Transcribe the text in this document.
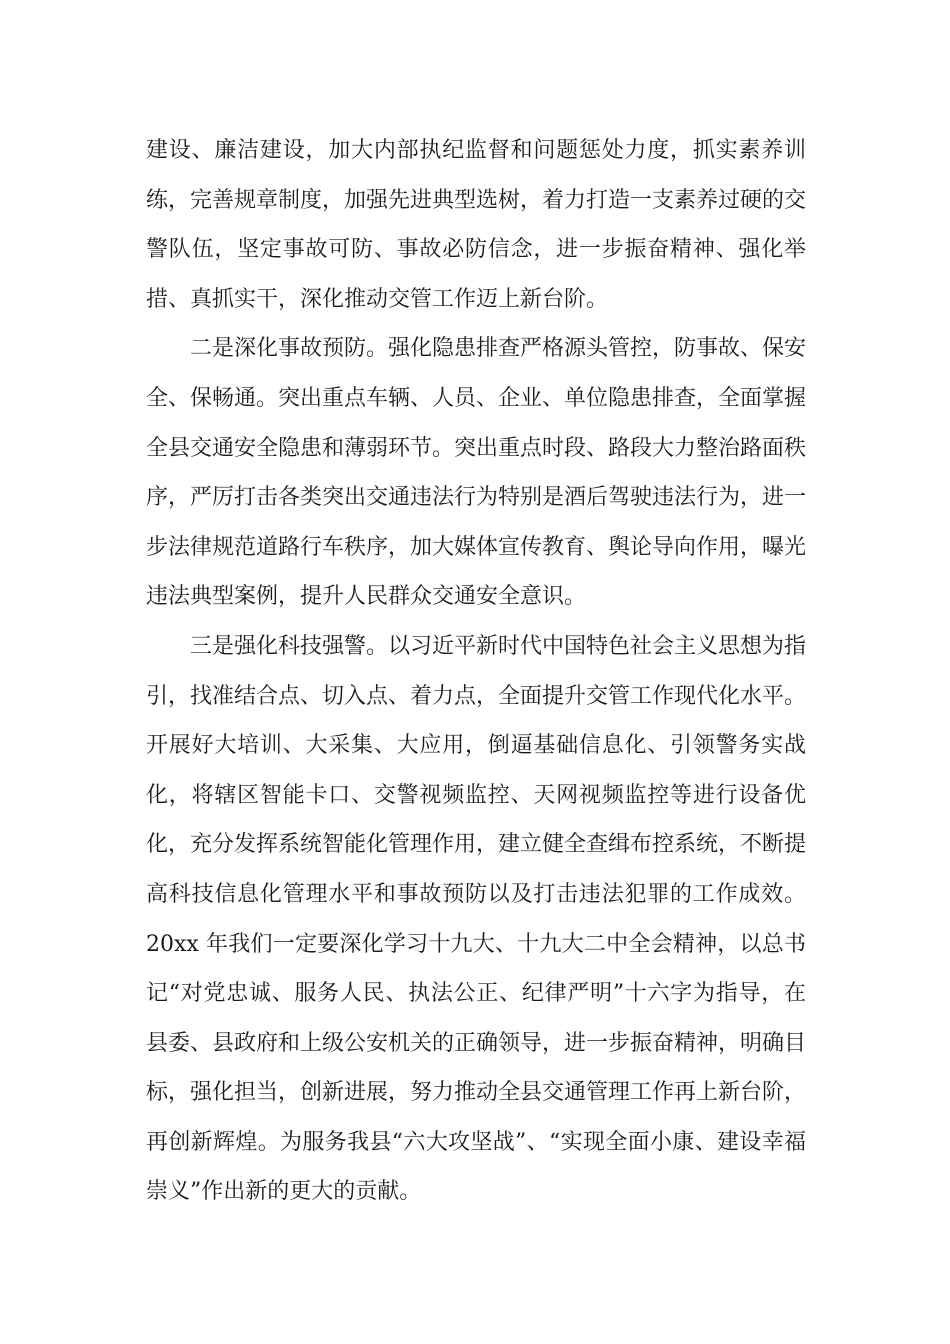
建设、廉洁建设，加大内部执纪监督和问题惩处力度，抓实素养训练，完善规章制度，加强先进典型选树，着力打造一支素养过硬的交警队伍，坚定事故可防、事故必防信念，进一步振奋精神、强化举措、真抓实干，深化推动交管工作迈上新台阶。

二是深化事故预防。强化隐患排查严格源头管控，防事故、保安全、保畅通。突出重点车辆、人员、企业、单位隐患排查，全面掌握全县交通安全隐患和薄弱环节。突出重点时段、路段大力整治路面秩序，严厉打击各类突出交通违法行为特别是酒后驾驶违法行为，进一步法律规范道路行车秩序，加大媒体宣传教育、舆论导向作用，曝光违法典型案例，提升人民群众交通安全意识。

三是强化科技强警。以习近平新时代中国特色社会主义思想为指引，找准结合点、切入点、着力点，全面提升交管工作现代化水平。开展好大培训、大采集、大应用，倒逼基础信息化、引领警务实战化，将辖区智能卡口、交警视频监控、天网视频监控等进行设备优化，充分发挥系统智能化管理作用，建立健全查缉布控系统，不断提高科技信息化管理水平和事故预防以及打击违法犯罪的工作成效。20xx 年我们一定要深化学习十九大、十九大二中全会精神，以总书记“对党忠诚、服务人民、执法公正、纪律严明”十六字为指导，在县委、县政府和上级公安机关的正确领导，进一步振奋精神，明确目标，强化担当，创新进展，努力推动全县交通管理工作再上新台阶，再创新辉煌。为服务我县“六大攻坚战”、“实现全面小康、建设幸福崇义”作出新的更大的贡献。
